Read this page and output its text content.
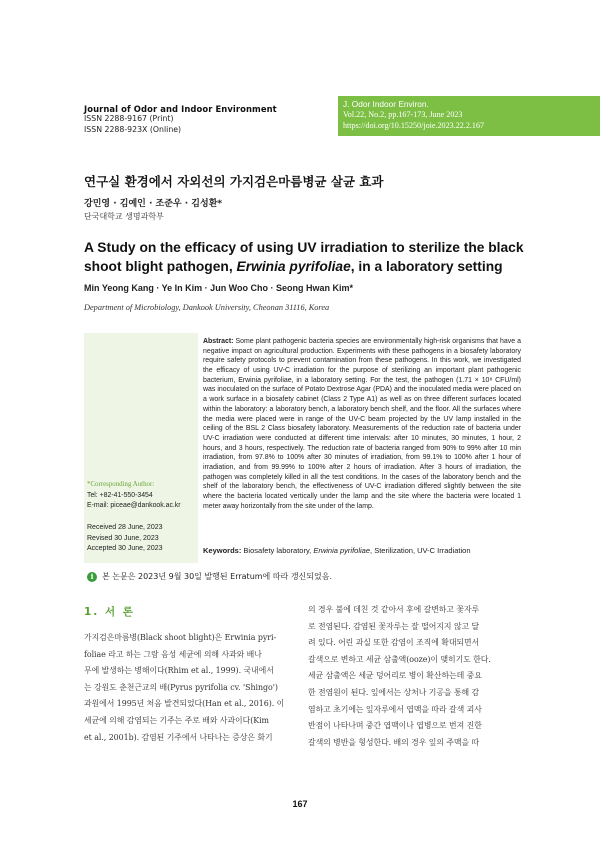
Journal of Odor and Indoor Environment
ISSN 2288-9167 (Print)
ISSN 2288-923X (Online)
J. Odor Indoor Environ.
Vol.22, No.2, pp.167-173, June 2023
https://doi.org/10.15250/joie.2023.22.2.167
연구실 환경에서 자외선의 가지검은마름병균 살균 효과
강민영 · 김예인 · 조준우 · 김성환*
단국대학교 생명과학부
A Study on the efficacy of using UV irradiation to sterilize the black shoot blight pathogen, Erwinia pyrifoliae, in a laboratory setting
Min Yeong Kang · Ye In Kim · Jun Woo Cho · Seong Hwan Kim*
Department of Microbiology, Dankook University, Cheonan 31116, Korea
Abstract: Some plant pathogenic bacteria species are environmentally high-risk organisms that have a negative impact on agricultural production. Experiments with these pathogens in a biosafety laboratory require safety protocols to prevent contamination from these pathogens. In this work, we investigated the efficacy of using UV-C irradiation for the purpose of sterilizing an important plant pathogenic bacterium, Erwinia pyrifoliae, in a laboratory setting. For the test, the pathogen (1.71 × 10⁸ CFU/ml) was inoculated on the surface of Potato Dextrose Agar (PDA) and the inoculated media were placed on a work surface in a biosafety cabinet (Class 2 Type A1) as well as on three different surfaces located within the laboratory: a laboratory bench, a laboratory bench shelf, and the floor. All the surfaces where the media were placed were in range of the UV-C beam projected by the UV lamp installed in the ceiling of the BSL 2 Class biosafety laboratory. Measurements of the reduction rate of bacteria under UV-C irradiation were conducted at different time intervals: after 10 minutes, 30 minutes, 1 hour, 2 hours, and 3 hours, respectively. The reduction rate of bacteria ranged from 90% to 99% after 10 min irradiation, from 97.8% to 100% after 30 minutes of irradiation, from 99.1% to 100% after 1 hour of irradiation, and from 99.99% to 100% after 2 hours of irradiation. After 3 hours of irradiation, the pathogen was completely killed in all the test conditions. In the cases of the laboratory bench and the shelf of the laboratory bench, the effectiveness of UV-C irradiation differed slightly between the site where the bacteria located vertically under the lamp and the site where the bacteria were located 1 meter away horizontally from the site under of the lamp.
Keywords: Biosafety laboratory, Erwinia pyrifoliae, Sterilization, UV-C Irradiation
*Corresponding Author:
Tel: +82-41-550-3454
E-mail: piceae@dankook.ac.kr
Received 28 June, 2023
Revised 30 June, 2023
Accepted 30 June, 2023
i	본 논문은 2023년 9월 30일 발행된 Erratum에 따라 갱신되었음.
1. 서 론

가지검은마름병(Black shoot blight)은 Erwinia pyri-

foliae 라고 하는 그람 음성 세균에 의해 사과와 배나

무에 발생하는 병해이다(Rhim et al., 1999). 국내에서

는 강원도 춘천근교의 배(Pyrus pyrifolia cv. 'Shingo')

과원에서 1995년 처음 발견되었다(Han et al., 2016). 이

세균에 의해 감염되는 기주는 주로 배와 사과이다(Kim

et al., 2001b). 감염된 기주에서 나타나는 증상은 화기

의 경우 불에 데친 것 같아서 후에 갈변하고 꽃자루

로 전염된다. 감염된 꽃자루는 잘 떨어지지 않고 달

려 있다. 어린 과실 또한 감염이 조직에 확대되면서

갈색으로 변하고 세균 삼출액(ooze)이 맺히기도 한다.

세균 삼출액은 세균 덩어리로 병이 확산하는데 중요

한 전염원이 된다. 잎에서는 상처나 기공을 통해 감

염하고 초기에는 잎자루에서 엽맥을 따라 갈색 괴사

반점이 나타나며 중간 엽맥이나 엽병으로 번져 진한

갈색의 병반을 형성한다. 배의 경우 잎의 주맥을 따

167
